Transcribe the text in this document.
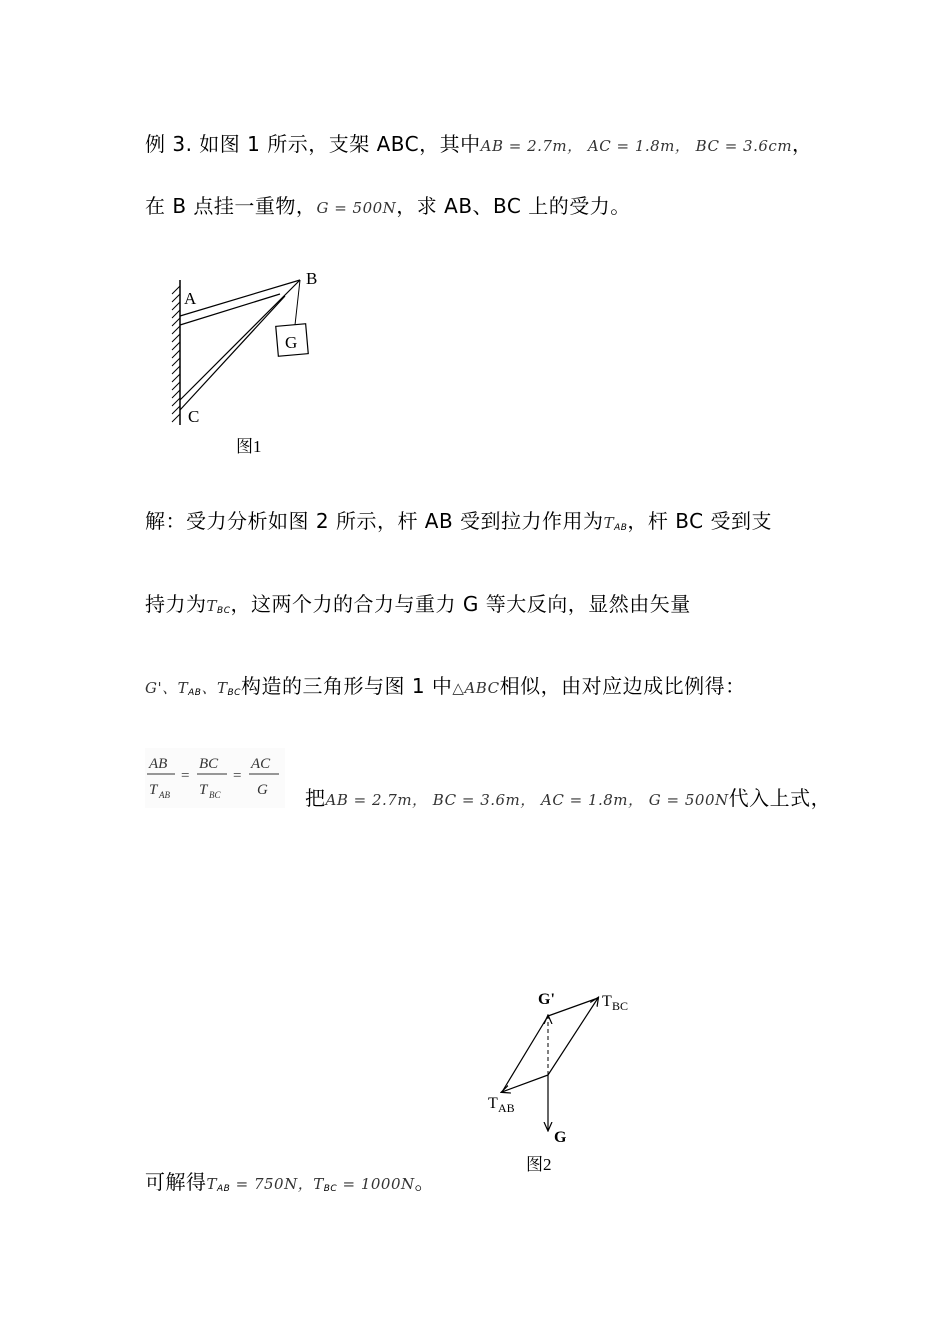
例 3. 如图 1 所示，支架 ABC，其中AB = 2.7m， AC = 1.8m， BC = 3.6cm，
在 B 点挂一重物，G = 500N，求 AB、BC 上的受力。
G
A
B
C
图1
解：受力分析如图 2 所示，杆 AB 受到拉力作用为$T_{AB}$，杆 BC 受到支
持力为$T_{BC}$，这两个力的合力与重力 G 等大反向，显然由矢量
G'、$T_{AB}$、$T_{BC}$构造的三角形与图 1 中△ABC相似，由对应边成比例得：
AB
T AB
=
BC
T BC
=
AC
G 把AB = 2.7m， BC = 3.6m， AC = 1.8m， G = 500N代入上式，
G'	T BC
T AB
G
图2
可解得$T_{AB} = 750N$，$T_{BC} = 1000N$。
